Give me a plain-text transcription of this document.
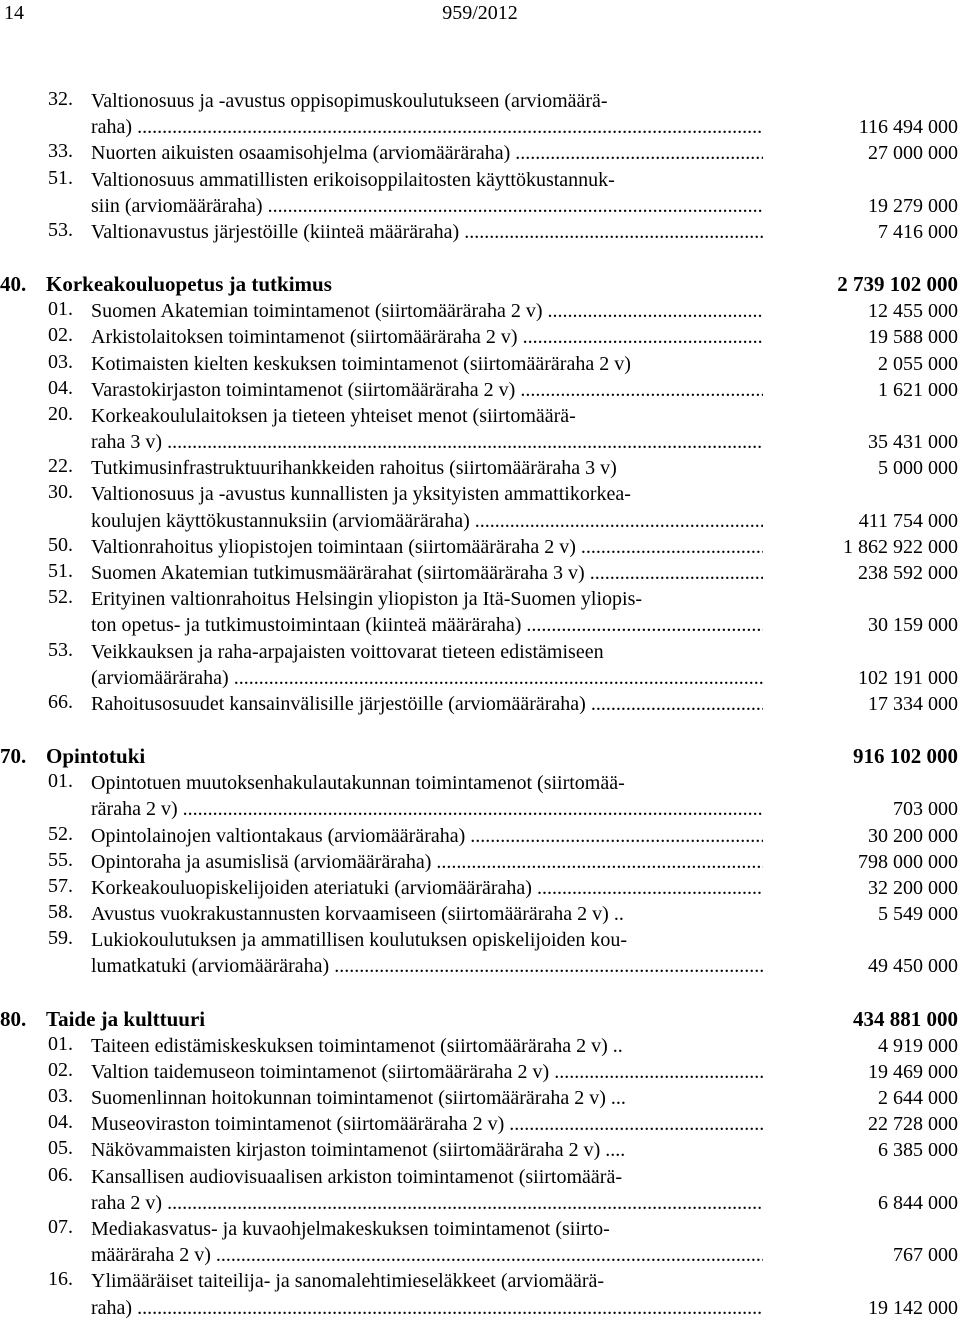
14	959/2012
32. Valtionosuus ja -avustus oppisopimuskoulutukseen (arviomäärä-
raha) .....	116 494 000
33. Nuorten aikuisten osaamisohjelma (arviomääräraha) .....	27 000 000
51. Valtionosuus ammatillisten erikoisoppilaitosten käyttökustannuk-
siin (arviomääräraha) .....	19 279 000
53. Valtionavustus järjestöille (kiinteä määräraha) .....	7 416 000
40. Korkeakouluopetus ja tutkimus	2 739 102 000
01. Suomen Akatemian toimintamenot (siirtomääräraha 2 v) .....	12 455 000
02. Arkistolaitoksen toimintamenot (siirtomääräraha 2 v) .....	19 588 000
03. Kotimaisten kielten keskuksen toimintamenot (siirtomääräraha 2 v)	2 055 000
04. Varastokirjaston toimintamenot (siirtomääräraha 2 v) .....	1 621 000
20. Korkeakoululaitoksen ja tieteen yhteiset menot (siirtomäärä-
raha 3 v) .....	35 431 000
22. Tutkimusinfrastruktuurihankkeiden rahoitus (siirtomääräraha 3 v)	5 000 000
30. Valtionosuus ja -avustus kunnallisten ja yksityisten ammattikorkea-
koulujen käyttökustannuksiin (arviomääräraha) .....	411 754 000
50. Valtionrahoitus yliopistojen toimintaan (siirtomääräraha 2 v) .....	1 862 922 000
51. Suomen Akatemian tutkimusmäärärahat (siirtomääräraha 3 v) .....	238 592 000
52. Erityinen valtionrahoitus Helsingin yliopiston ja Itä-Suomen yliopis-
ton opetus- ja tutkimustoimintaan (kiinteä määräraha) .....	30 159 000
53. Veikkauksen ja raha-arpajaisten voittovarat tieteen edistämiseen
(arviomääräraha) .....	102 191 000
66. Rahoitusosuudet kansainvälisille järjestöille (arviomääräraha) .....	17 334 000
70. Opintotuki	916 102 000
01. Opintotuen muutoksenhakulautakunnan toimintamenot (siirtomää-
räraha 2 v) .....	703 000
52. Opintolainojen valtiontakaus (arviomääräraha) .....	30 200 000
55. Opintoraha ja asumislisä (arviomääräraha) .....	798 000 000
57. Korkeakouluopiskelijoiden ateriatuki (arviomääräraha) .....	32 200 000
58. Avustus vuokrakustannusten korvaamiseen (siirtomääräraha 2 v) ..	5 549 000
59. Lukiokoulutuksen ja ammatillisen koulutuksen opiskelijoiden kou-
lumatkatuki (arviomääräraha) .....	49 450 000
80. Taide ja kulttuuri	434 881 000
01. Taiteen edistämiskeskuksen toimintamenot (siirtomääräraha 2 v) ..	4 919 000
02. Valtion taidemuseon toimintamenot (siirtomääräraha 2 v) .....	19 469 000
03. Suomenlinnan hoitokunnan toimintamenot (siirtomääräraha 2 v) ...	2 644 000
04. Museoviraston toimintamenot (siirtomääräraha 2 v) .....	22 728 000
05. Näkövammaisten kirjaston toimintamenot (siirtomääräraha 2 v) ....	6 385 000
06. Kansallisen audiovisuaalisen arkiston toimintamenot (siirtomäärä-
raha 2 v) .....	6 844 000
07. Mediakasvatus- ja kuvaohjelmakeskuksen toimintamenot (siirto-
määräraha 2 v) .....	767 000
16. Ylimääräiset taiteilija- ja sanomalehtimieseläkkeet (arviomäärä-
raha) .....	19 142 000
